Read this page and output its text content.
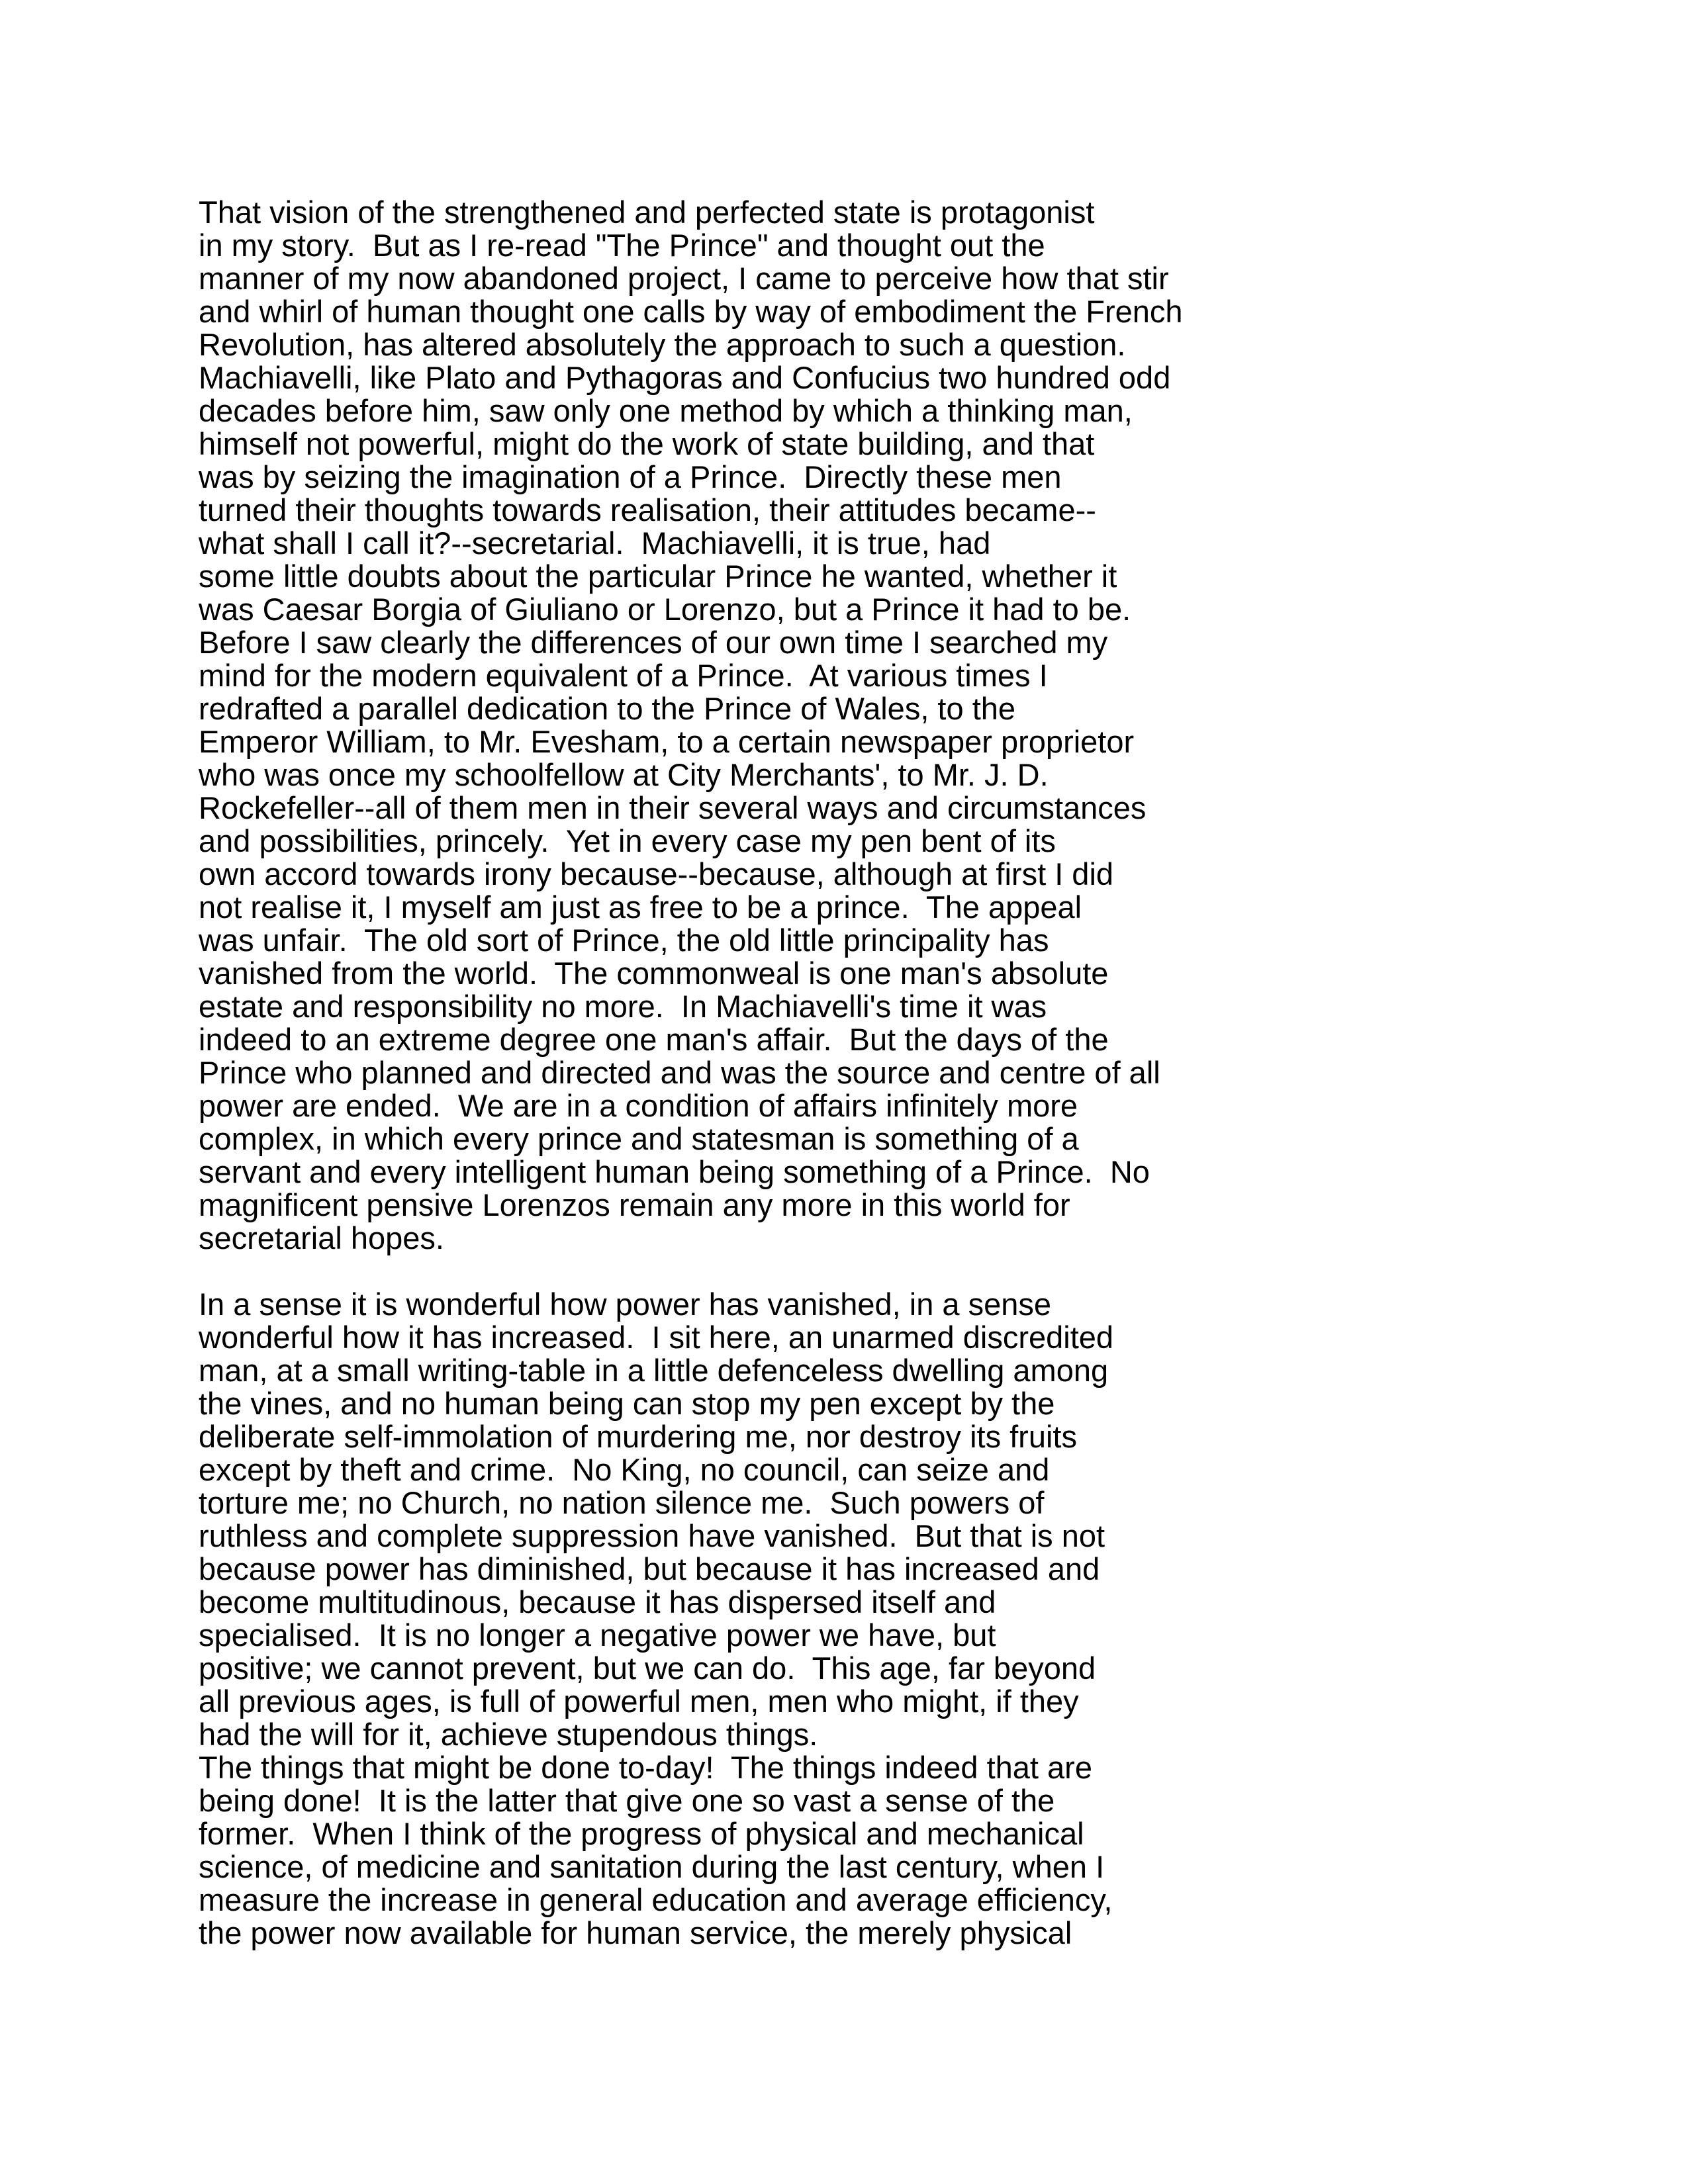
That vision of the strengthened and perfected state is protagonist
in my story.  But as I re-read "The Prince" and thought out the
manner of my now abandoned project, I came to perceive how that stir
and whirl of human thought one calls by way of embodiment the French
Revolution, has altered absolutely the approach to such a question.
Machiavelli, like Plato and Pythagoras and Confucius two hundred odd
decades before him, saw only one method by which a thinking man,
himself not powerful, might do the work of state building, and that
was by seizing the imagination of a Prince.  Directly these men
turned their thoughts towards realisation, their attitudes became--
what shall I call it?--secretarial.  Machiavelli, it is true, had
some little doubts about the particular Prince he wanted, whether it
was Caesar Borgia of Giuliano or Lorenzo, but a Prince it had to be.
Before I saw clearly the differences of our own time I searched my
mind for the modern equivalent of a Prince.  At various times I
redrafted a parallel dedication to the Prince of Wales, to the
Emperor William, to Mr. Evesham, to a certain newspaper proprietor
who was once my schoolfellow at City Merchants', to Mr. J. D.
Rockefeller--all of them men in their several ways and circumstances
and possibilities, princely.  Yet in every case my pen bent of its
own accord towards irony because--because, although at first I did
not realise it, I myself am just as free to be a prince.  The appeal
was unfair.  The old sort of Prince, the old little principality has
vanished from the world.  The commonweal is one man's absolute
estate and responsibility no more.  In Machiavelli's time it was
indeed to an extreme degree one man's affair.  But the days of the
Prince who planned and directed and was the source and centre of all
power are ended.  We are in a condition of affairs infinitely more
complex, in which every prince and statesman is something of a
servant and every intelligent human being something of a Prince.  No
magnificent pensive Lorenzos remain any more in this world for
secretarial hopes.
In a sense it is wonderful how power has vanished, in a sense
wonderful how it has increased.  I sit here, an unarmed discredited
man, at a small writing-table in a little defenceless dwelling among
the vines, and no human being can stop my pen except by the
deliberate self-immolation of murdering me, nor destroy its fruits
except by theft and crime.  No King, no council, can seize and
torture me; no Church, no nation silence me.  Such powers of
ruthless and complete suppression have vanished.  But that is not
because power has diminished, but because it has increased and
become multitudinous, because it has dispersed itself and
specialised.  It is no longer a negative power we have, but
positive; we cannot prevent, but we can do.  This age, far beyond
all previous ages, is full of powerful men, men who might, if they
had the will for it, achieve stupendous things.
The things that might be done to-day!  The things indeed that are
being done!  It is the latter that give one so vast a sense of the
former.  When I think of the progress of physical and mechanical
science, of medicine and sanitation during the last century, when I
measure the increase in general education and average efficiency,
the power now available for human service, the merely physical
